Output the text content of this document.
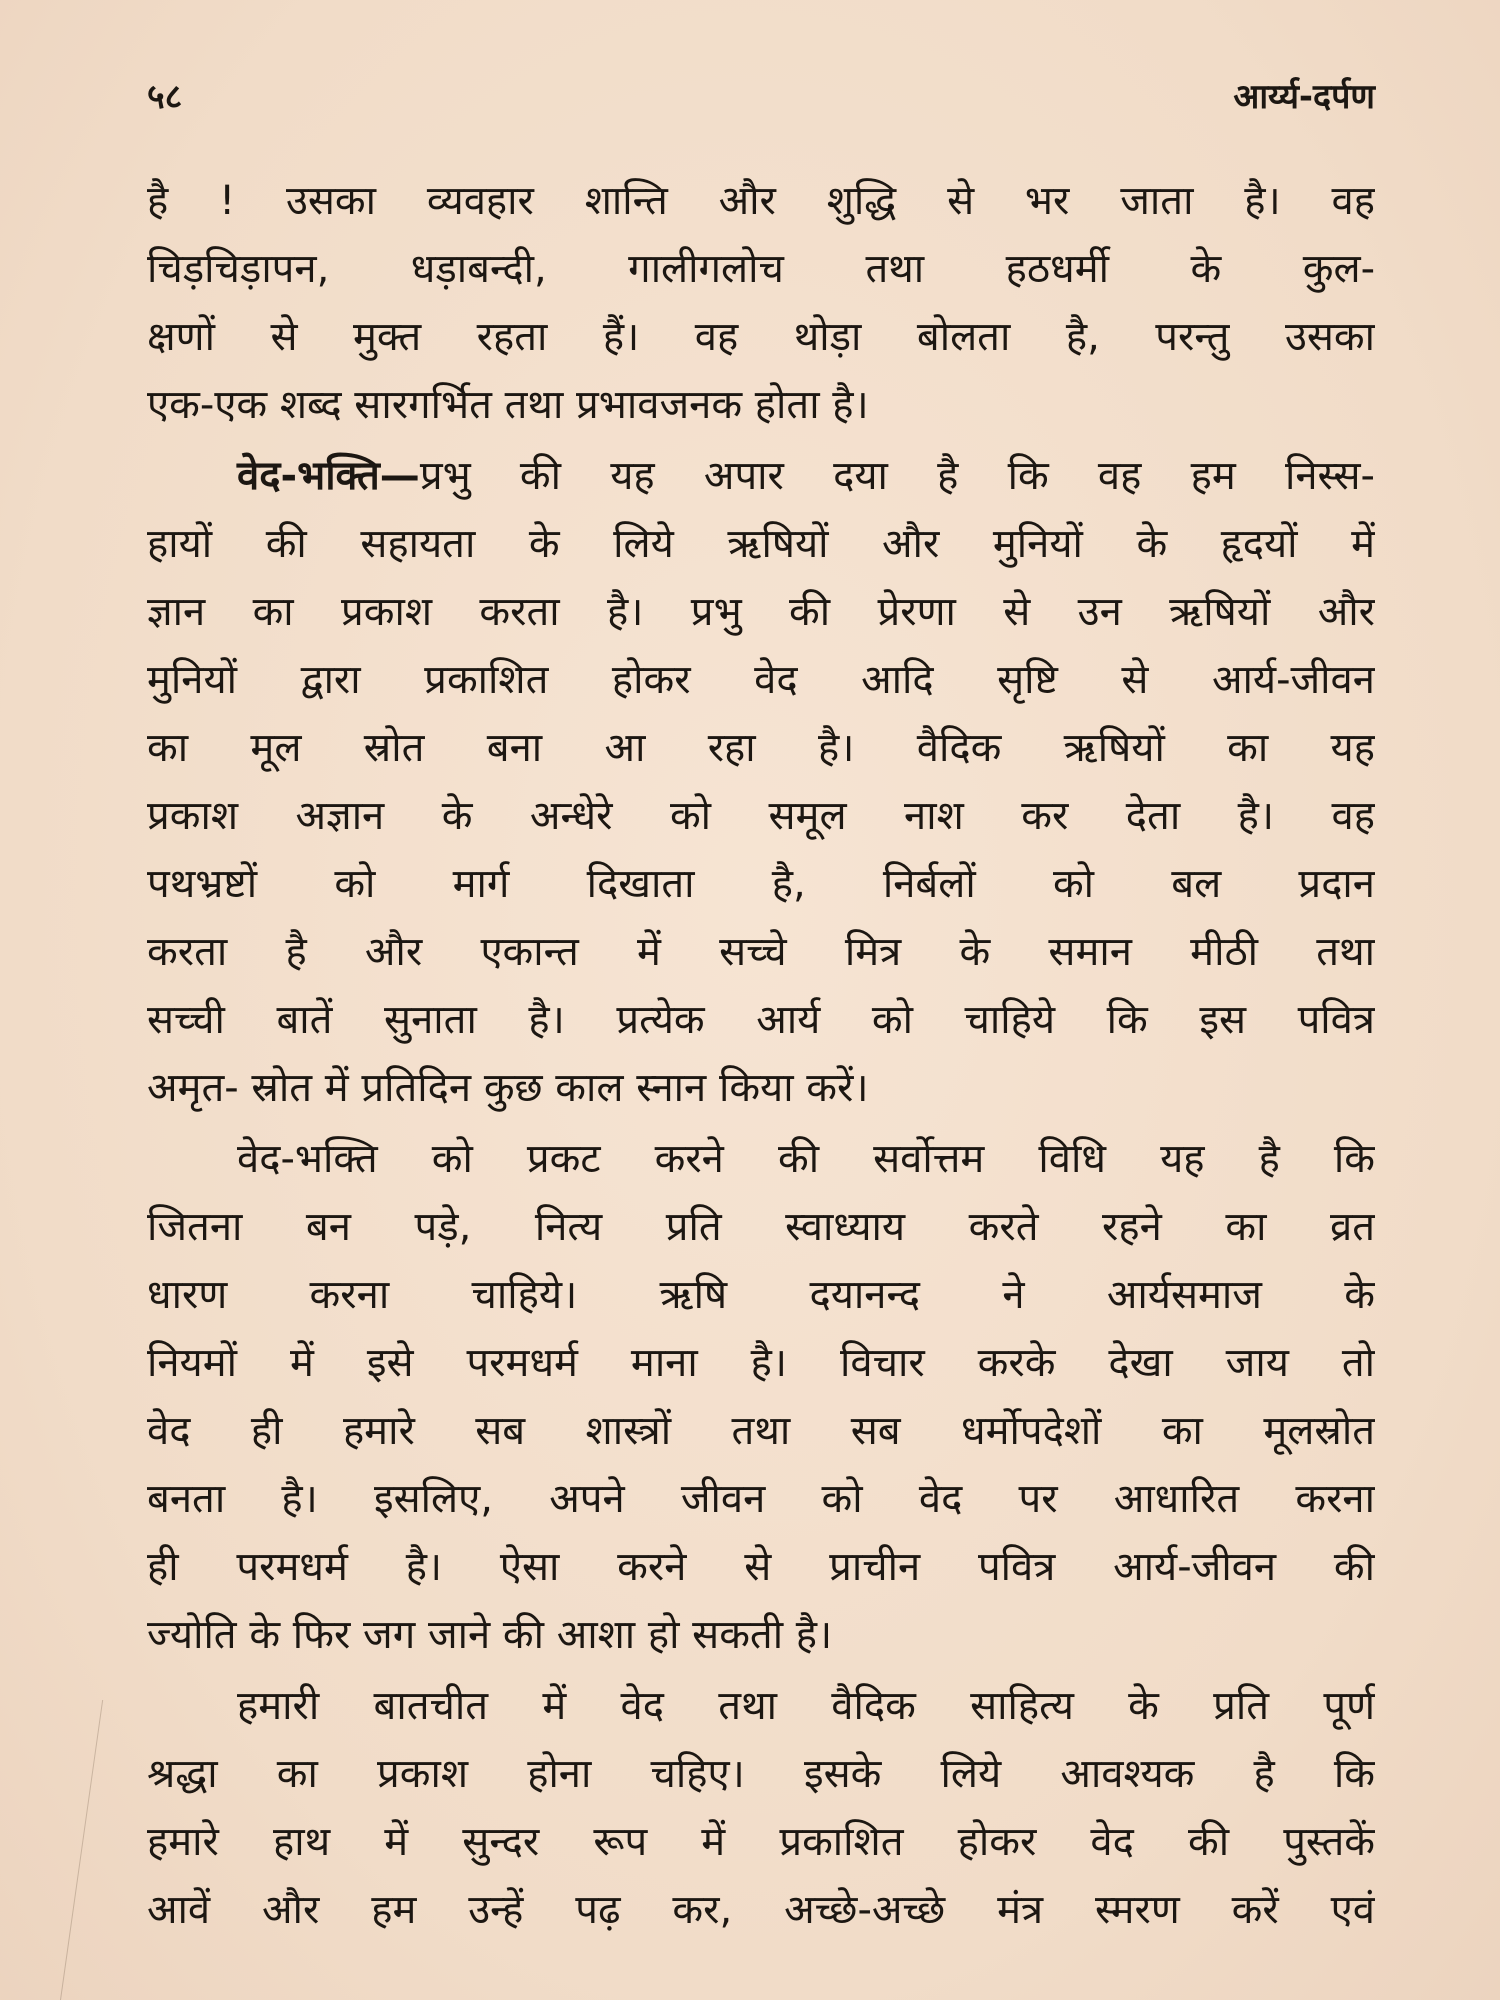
५८	आर्य्य-दर्पण
है ! उसका व्यवहार शान्ति और शुद्धि से भर जाता है। वह
चिड़चिड़ापन, धड़ाबन्दी, गालीगलोच तथा हठधर्मी के कुल-
क्षणों से मुक्त रहता हैं। वह थोड़ा बोलता है, परन्तु उसका
एक-एक शब्द सारगर्भित तथा प्रभावजनक होता है।
वेद-भक्ति—प्रभु की यह अपार दया है कि वह हम निस्स-
हायों की सहायता के लिये ऋषियों और मुनियों के हृदयों में
ज्ञान का प्रकाश करता है। प्रभु की प्रेरणा से उन ऋषियों और
मुनियों द्वारा प्रकाशित होकर वेद आदि सृष्टि से आर्य-जीवन
का मूल स्रोत बना आ रहा है। वैदिक ऋषियों का यह
प्रकाश अज्ञान के अन्धेरे को समूल नाश कर देता है। वह
पथभ्रष्टों को मार्ग दिखाता है, निर्बलों को बल प्रदान
करता है और एकान्त में सच्चे मित्र के समान मीठी तथा
सच्ची बातें सुनाता है। प्रत्येक आर्य को चाहिये कि इस पवित्र
अमृत- स्रोत में प्रतिदिन कुछ काल स्नान किया करें।
वेद-भक्ति को प्रकट करने की सर्वोत्तम विधि यह है कि
जितना बन पड़े, नित्य प्रति स्वाध्याय करते रहने का व्रत
धारण करना चाहिये। ऋषि दयानन्द ने आर्यसमाज के
नियमों में इसे परमधर्म माना है। विचार करके देखा जाय तो
वेद ही हमारे सब शास्त्रों तथा सब धर्मोपदेशों का मूलस्रोत
बनता है। इसलिए, अपने जीवन को वेद पर आधारित करना
ही परमधर्म है। ऐसा करने से प्राचीन पवित्र आर्य-जीवन की
ज्योति के फिर जग जाने की आशा हो सकती है।
हमारी बातचीत में वेद तथा वैदिक साहित्य के प्रति पूर्ण
श्रद्धा का प्रकाश होना चहिए। इसके लिये आवश्यक है कि
हमारे हाथ में सुन्दर रूप में प्रकाशित होकर वेद की पुस्तकें
आवें और हम उन्हें पढ़ कर, अच्छे-अच्छे मंत्र स्मरण करें एवं
